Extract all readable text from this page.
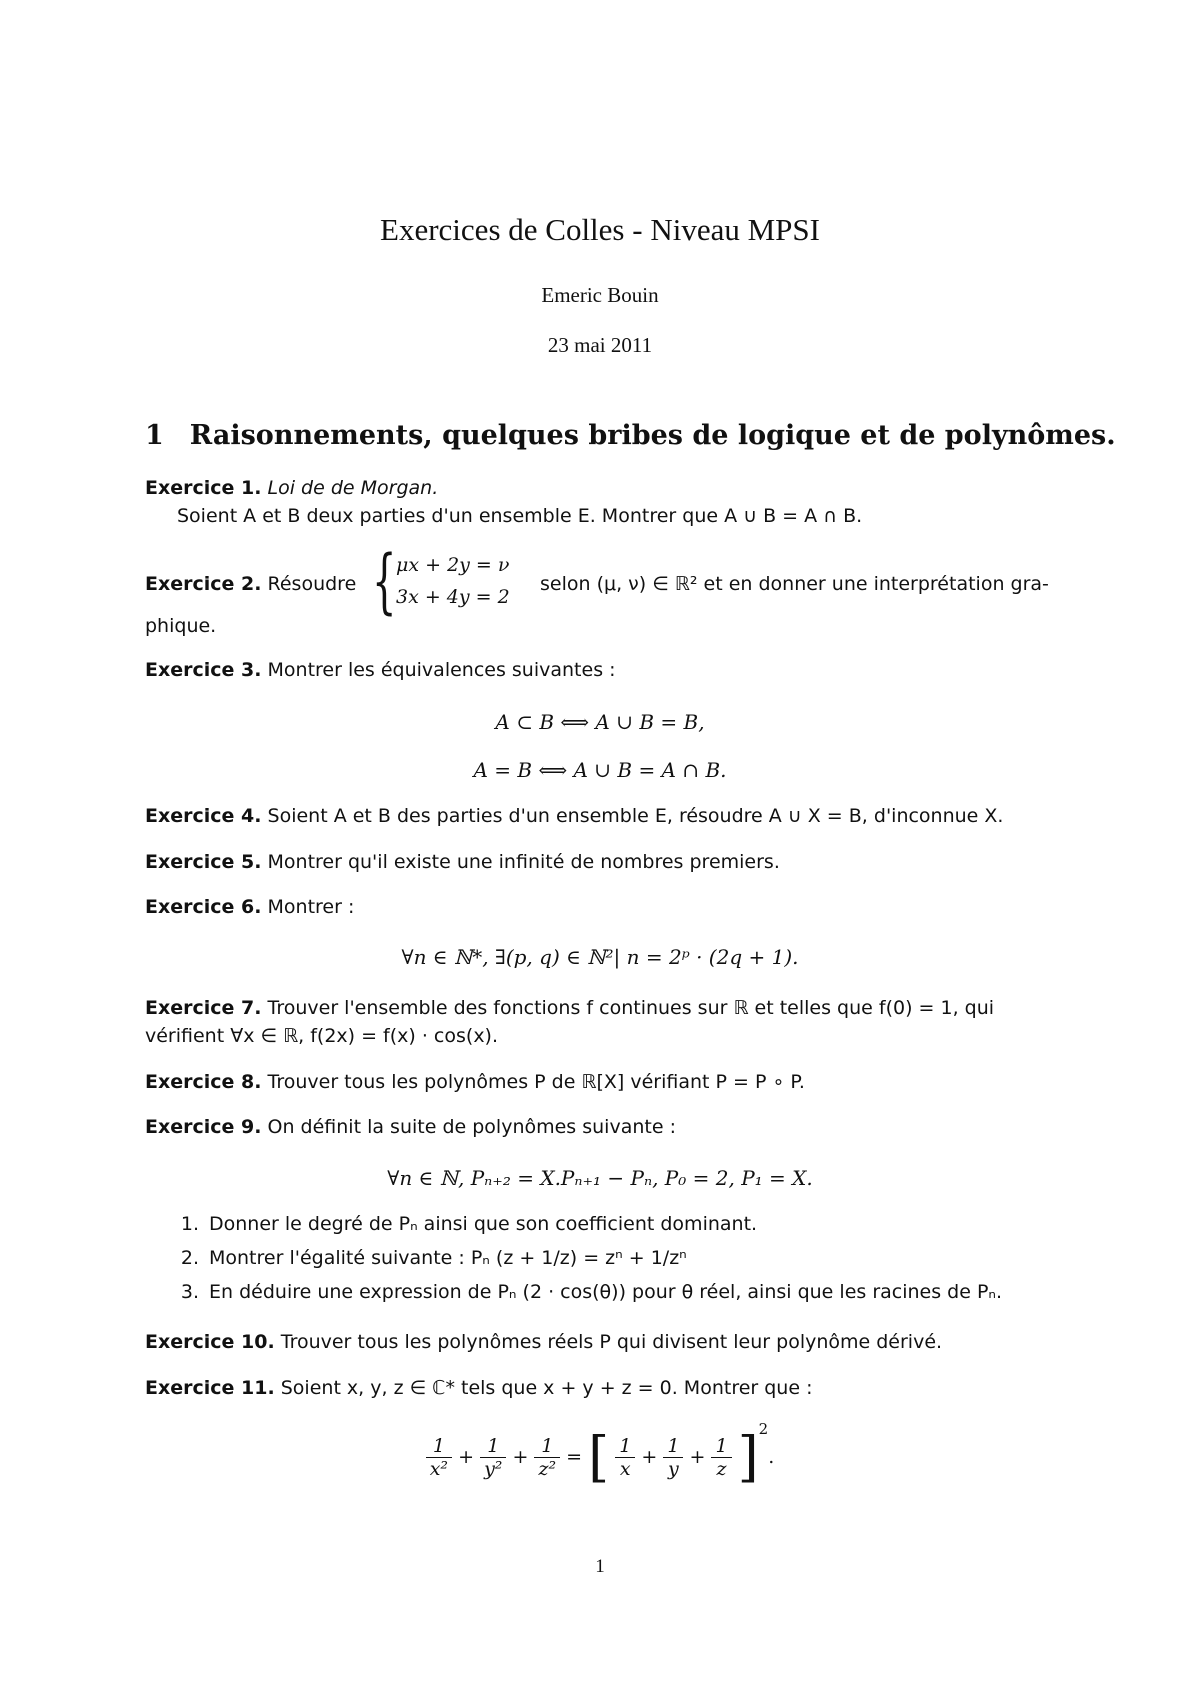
Exercices de Colles - Niveau MPSI
Emeric Bouin
23 mai 2011
1 Raisonnements, quelques bribes de logique et de polynômes.
Exercice 1. Loi de de Morgan.
Soient A et B deux parties d'un ensemble E. Montrer que A ∪ B = A ∩ B.
Exercice 2. Résoudre { μx + 2y = ν
3x + 4y = 2
selon (μ, ν) ∈ ℝ² et en donner une interprétation gra-
phique.
Exercice 3. Montrer les équivalences suivantes :
A ⊂ B ⟺ A ∪ B = B,
A = B ⟺ A ∪ B = A ∩ B.
Exercice 4. Soient A et B des parties d'un ensemble E, résoudre A ∪ X = B, d'inconnue X.
Exercice 5. Montrer qu'il existe une infinité de nombres premiers.
Exercice 6. Montrer :
∀n ∈ ℕ*, ∃(p, q) ∈ ℕ²| n = 2ᵖ · (2q + 1).
Exercice 7. Trouver l'ensemble des fonctions f continues sur ℝ et telles que f(0) = 1, qui
vérifient ∀x ∈ ℝ, f(2x) = f(x) · cos(x).
Exercice 8. Trouver tous les polynômes P de ℝ[X] vérifiant P = P ∘ P.
Exercice 9. On définit la suite de polynômes suivante :
∀n ∈ ℕ, Pₙ₊₂ = X.Pₙ₊₁ − Pₙ, P₀ = 2, P₁ = X.
1. Donner le degré de Pₙ ainsi que son coefficient dominant.
2. Montrer l'égalité suivante : Pₙ (z + 1/z) = zⁿ + 1/zⁿ
3. En déduire une expression de Pₙ (2 · cos(θ)) pour θ réel, ainsi que les racines de Pₙ.
Exercice 10. Trouver tous les polynômes réels P qui divisent leur polynôme dérivé.
Exercice 11. Soient x, y, z ∈ ℂ* tels que x + y + z = 0. Montrer que :
$\frac{1}{\text{x²}} + \frac{1}{\text{y²}} + \frac{1}{\text{z²}}$ = [ $\frac{1}{x} + \frac{1}{y} + \frac{1}{z} ]^2$.
1
